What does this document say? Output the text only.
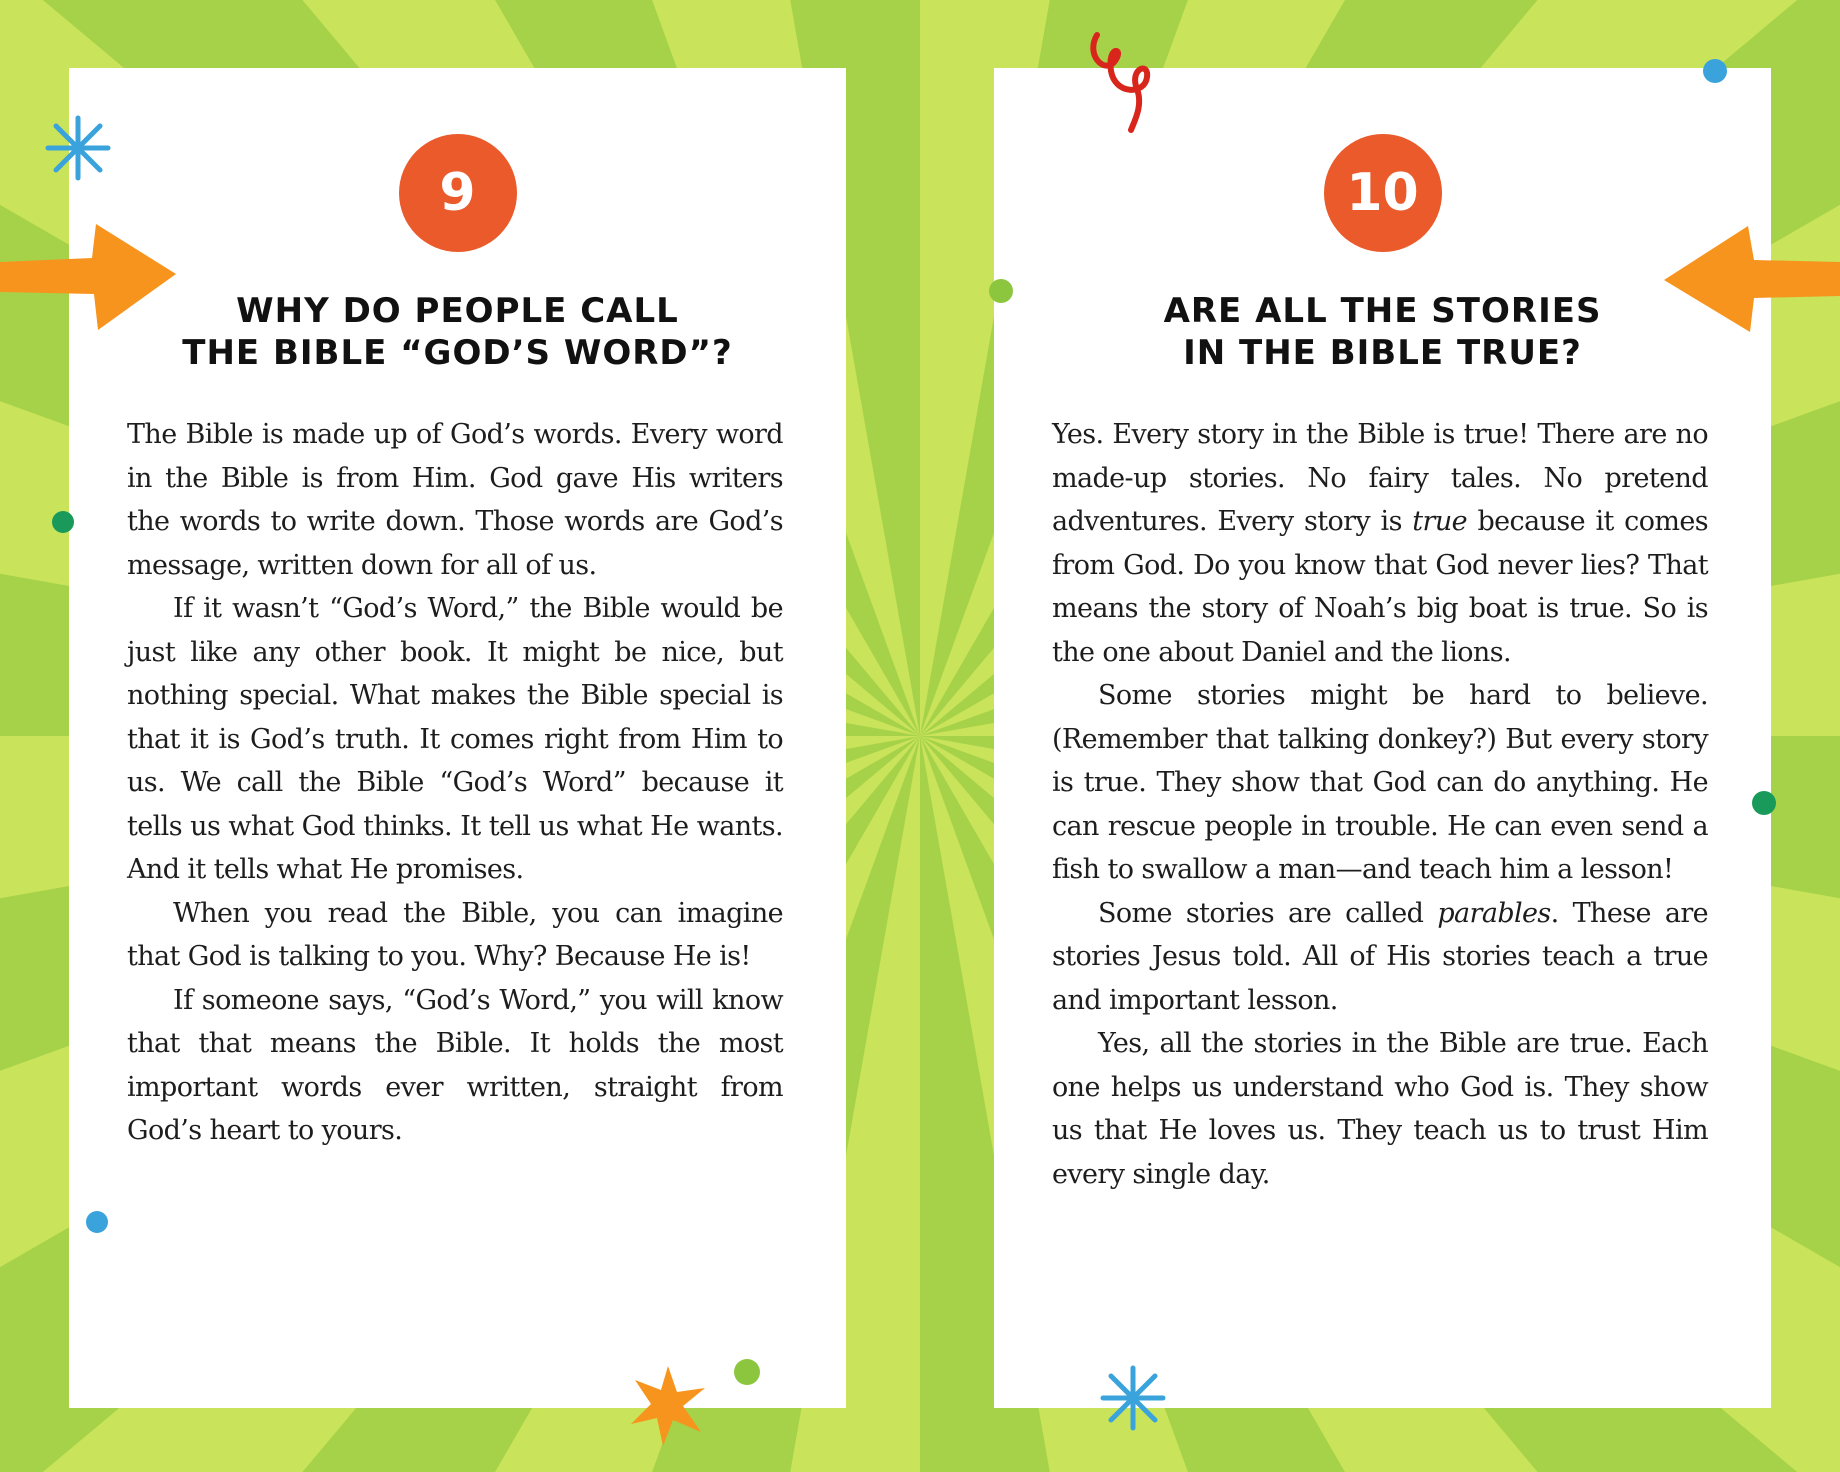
9
WHY DO PEOPLE CALL
THE BIBLE “GOD’S WORD”?

The Bible is made up of God’s words. Every word in the Bible is from Him. God gave His writers the words to write down. Those words are God’s message, written down for all of us.

If it wasn’t “God’s Word,” the Bible would be just like any other book. It might be nice, but nothing special. What makes the Bible special is that it is God’s truth. It comes right from Him to us. We call the Bible “God’s Word” because it tells us what God thinks. It tell us what He wants. And it tells what He promises.

When you read the Bible, you can imagine that God is talking to you. Why? Because He is!

If someone says, “God’s Word,” you will know that that means the Bible. It holds the most important words ever written, straight from God’s heart to yours.

10
ARE ALL THE STORIES
IN THE BIBLE TRUE?

Yes. Every story in the Bible is true! There are no made-up stories. No fairy tales. No pretend adventures. Every story is true because it comes from God. Do you know that God never lies? That means the story of Noah’s big boat is true. So is the one about Daniel and the lions.

Some stories might be hard to believe. (Remember that talking donkey?) But every story is true. They show that God can do anything. He can rescue people in trouble. He can even send a fish to swallow a man—and teach him a lesson!

Some stories are called parables. These are stories Jesus told. All of His stories teach a true and important lesson.

Yes, all the stories in the Bible are true. Each one helps us understand who God is. They show us that He loves us. They teach us to trust Him every single day.
